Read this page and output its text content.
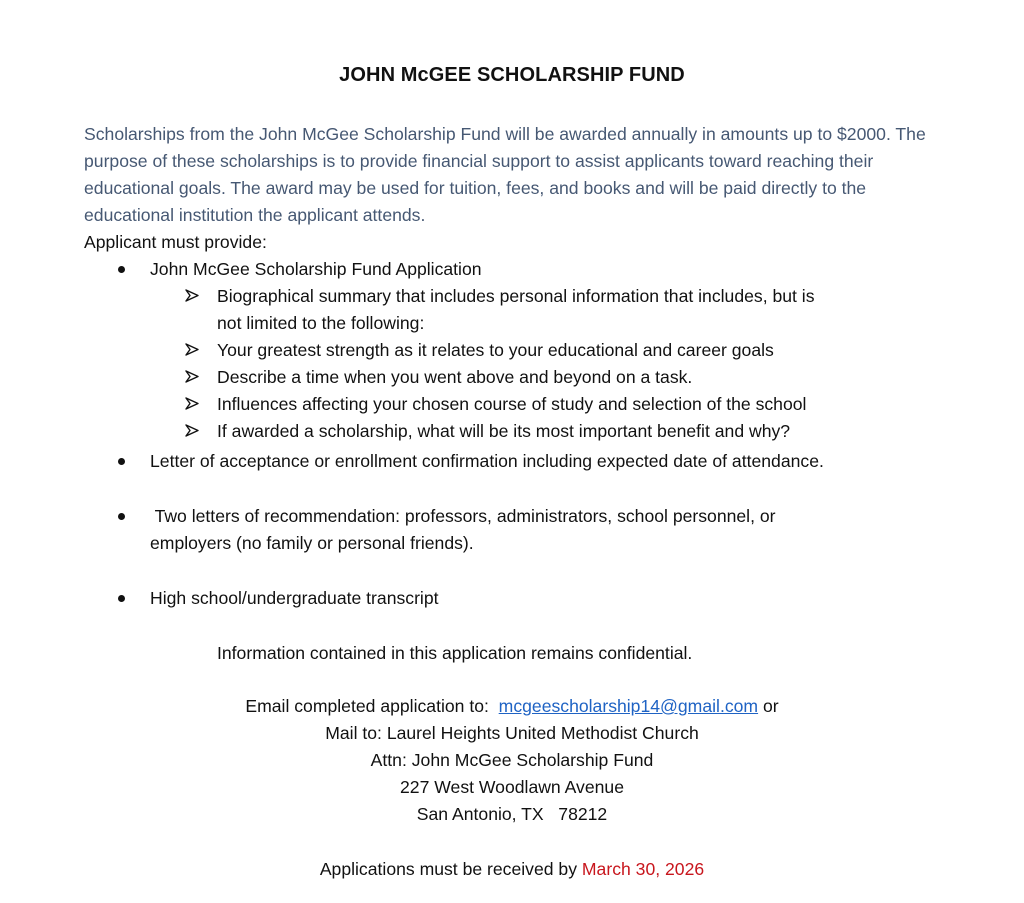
JOHN McGEE SCHOLARSHIP FUND
Scholarships from the John McGee Scholarship Fund will be awarded annually in amounts up to $2000. The purpose of these scholarships is to provide financial support to assist applicants toward reaching their educational goals. The award may be used for tuition, fees, and books and will be paid directly to the educational institution the applicant attends.
Applicant must provide:
John McGee Scholarship Fund Application
Biographical summary that includes personal information that includes, but is
not limited to the following:
Your greatest strength as it relates to your educational and career goals
Describe a time when you went above and beyond on a task.
Influences affecting your chosen course of study and selection of the school
If awarded a scholarship, what will be its most important benefit and why?
Letter of acceptance or enrollment confirmation including expected date of attendance.
Two letters of recommendation: professors, administrators, school personnel, or
employers (no family or personal friends).
High school/undergraduate transcript
Information contained in this application remains confidential.
Email completed application to:  mcgeescholarship14@gmail.com or
Mail to: Laurel Heights United Methodist Church
Attn: John McGee Scholarship Fund
227 West Woodlawn Avenue
San Antonio, TX   78212
Applications must be received by March 30, 2026
